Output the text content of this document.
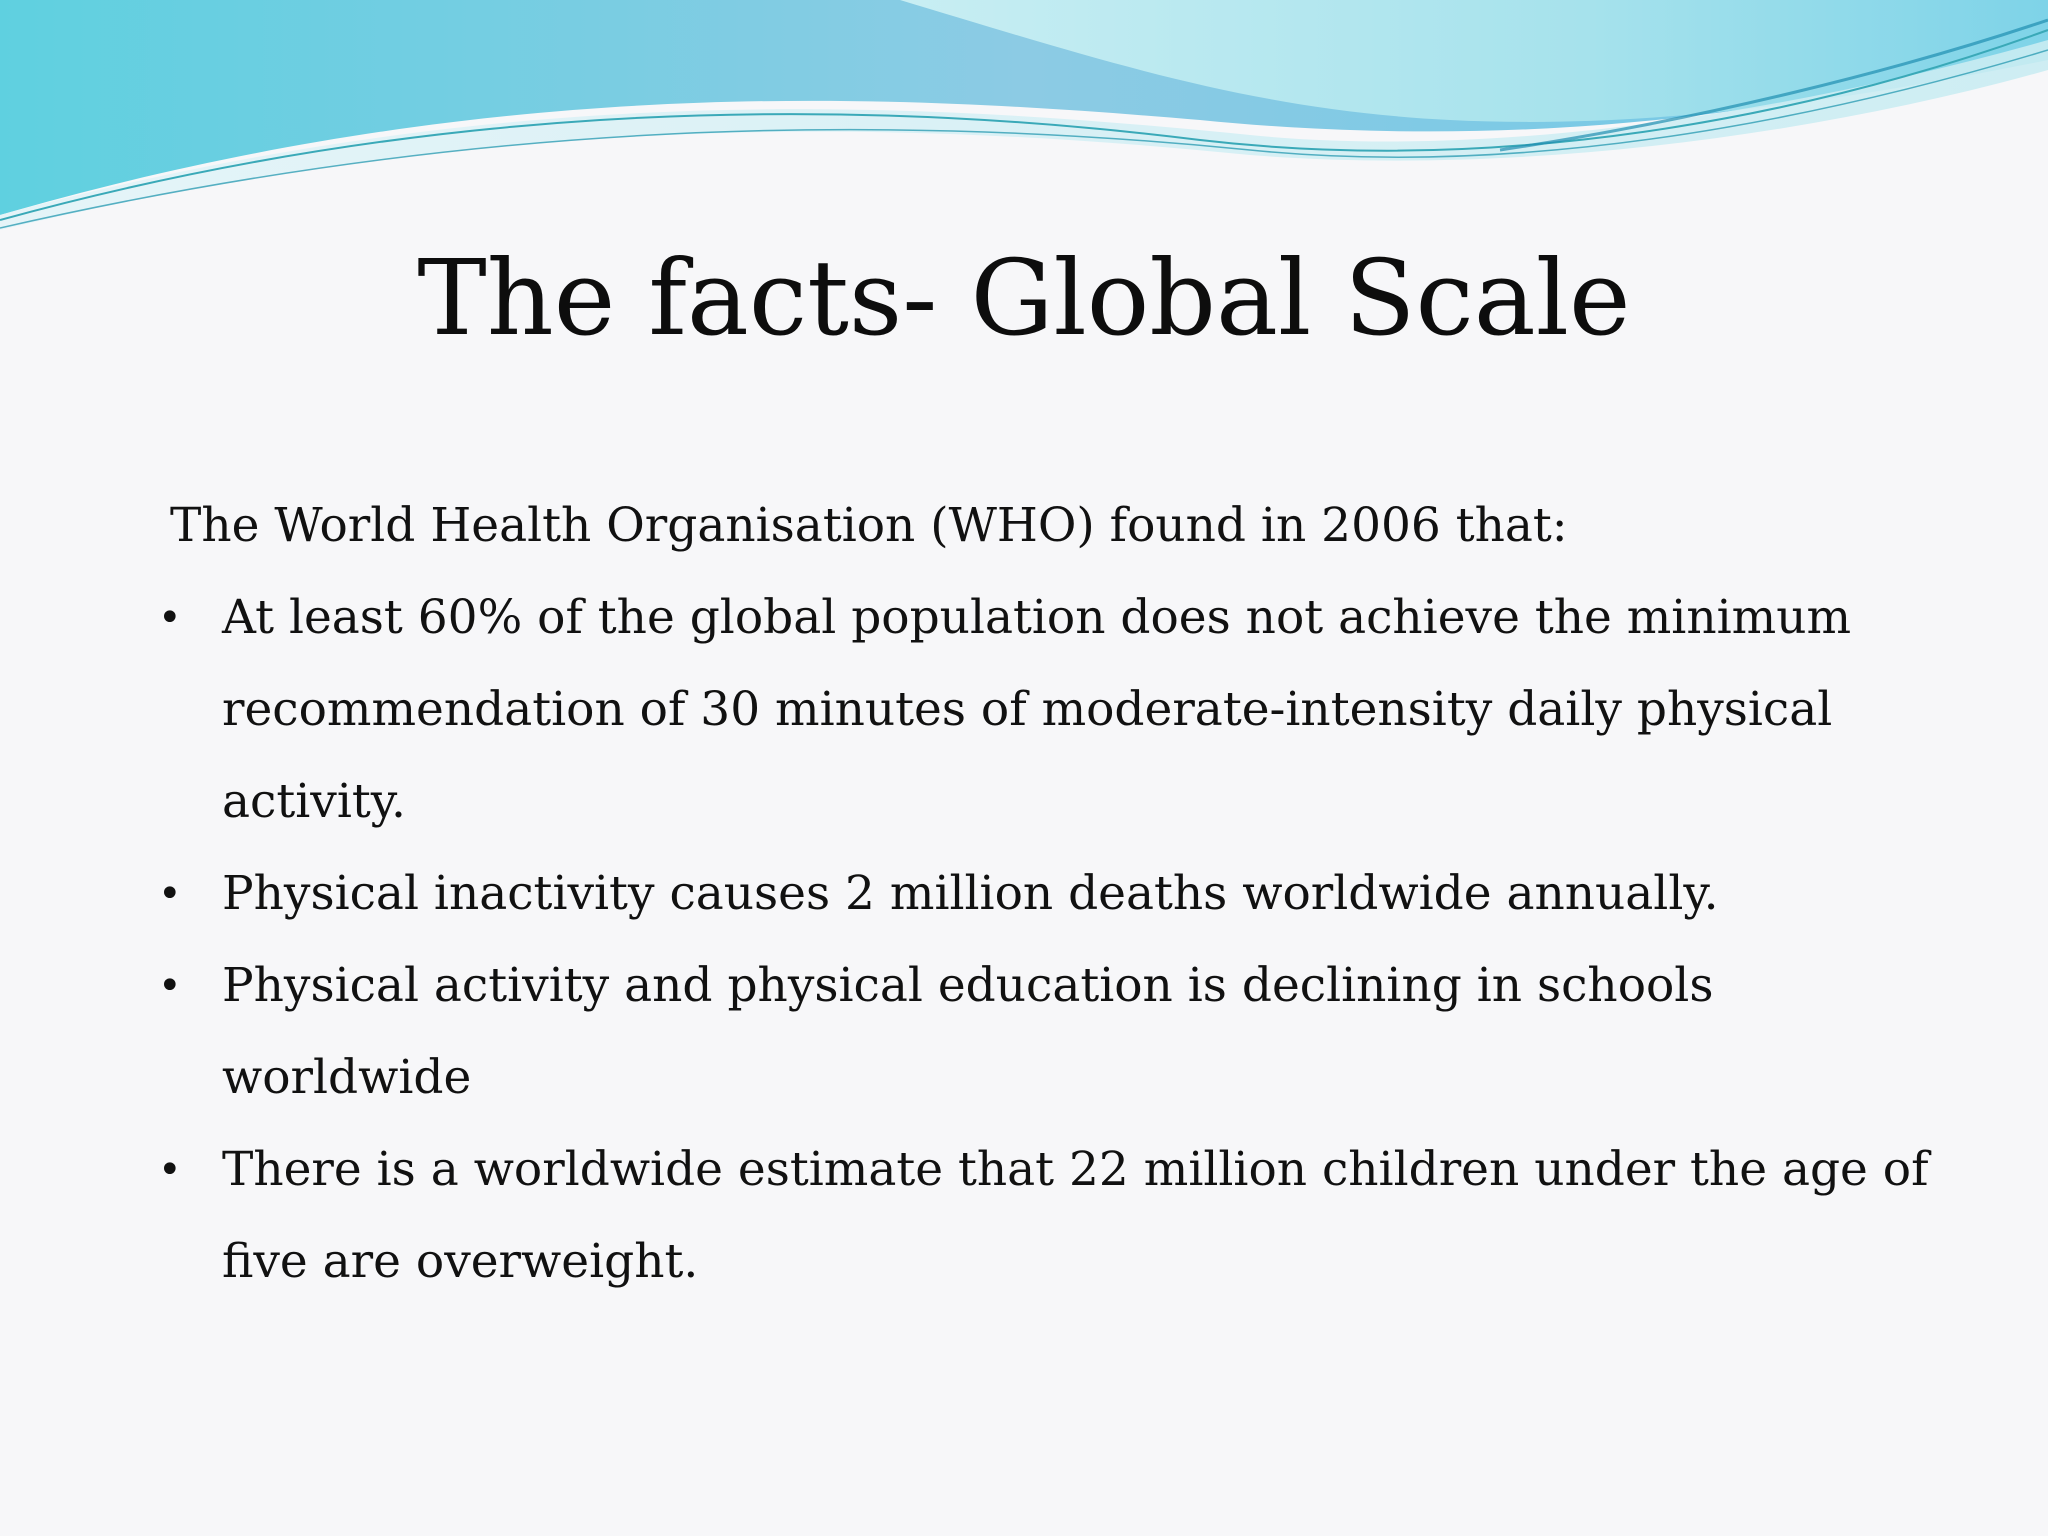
The facts- Global Scale

The World Health Organisation (WHO) found in 2006 that:

• At least 60% of the global population does not achieve the minimum recommendation of 30 minutes of moderate-intensity daily physical activity.
• Physical inactivity causes 2 million deaths worldwide annually.
• Physical activity and physical education is declining in schools worldwide
• There is a worldwide estimate that 22 million children under the age of five are overweight.
